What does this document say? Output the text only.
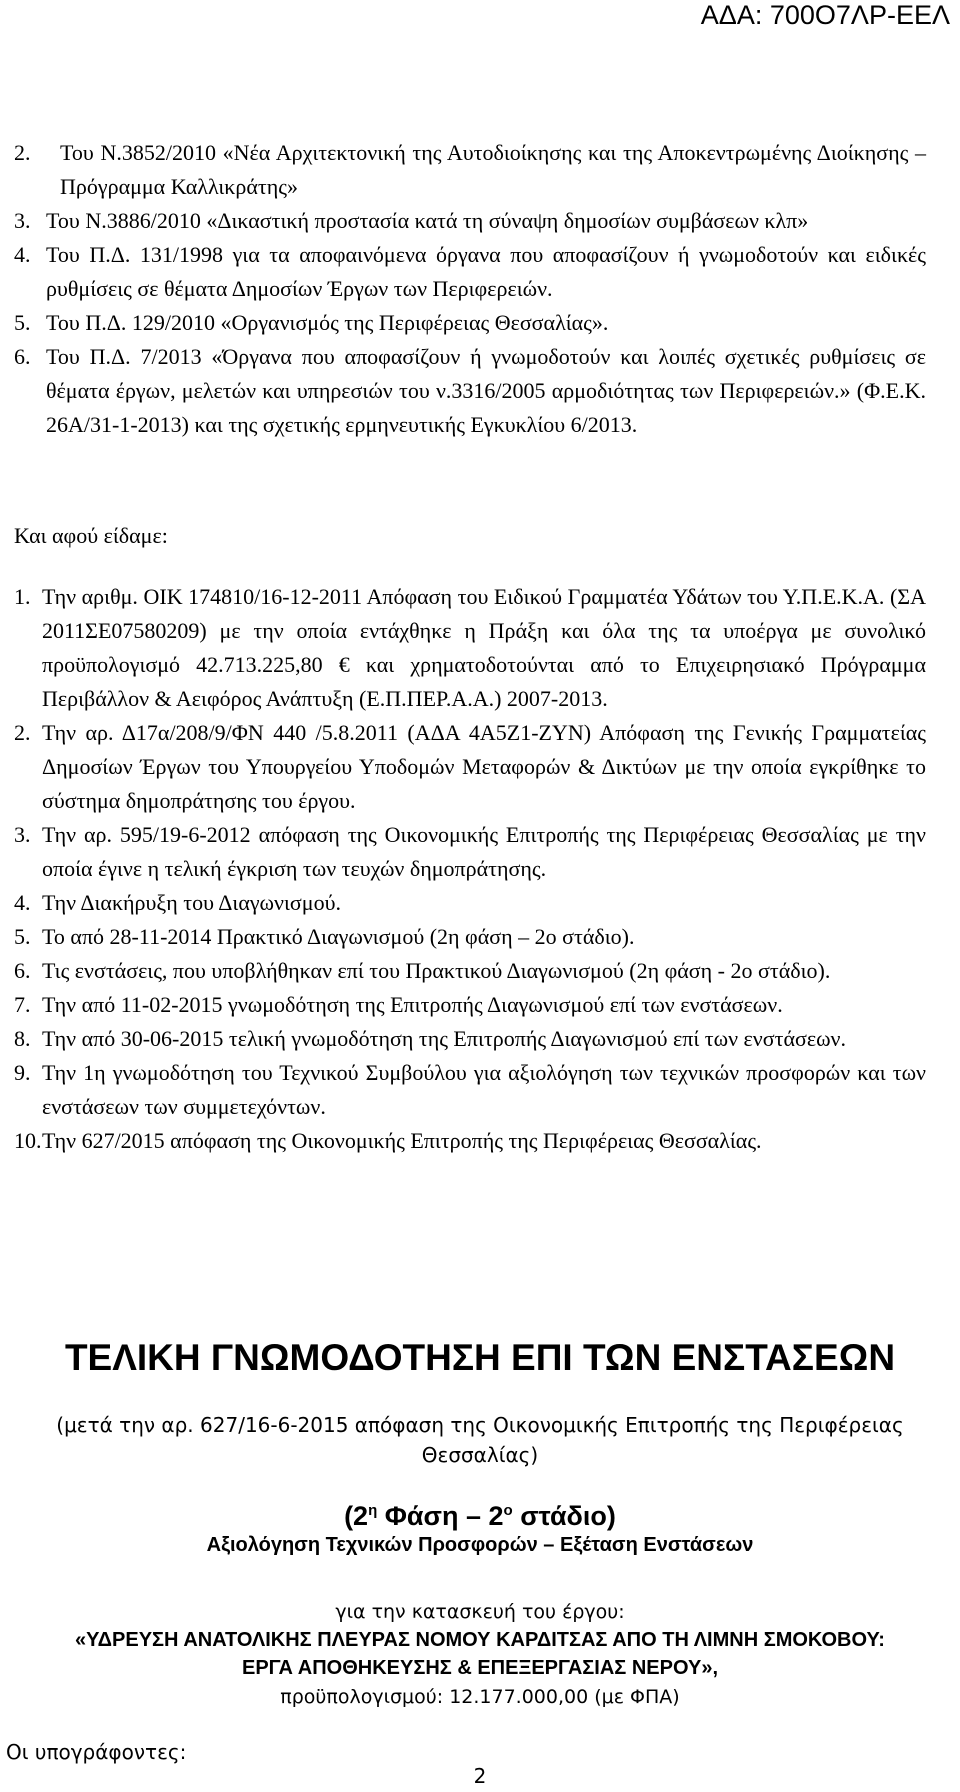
ΑΔΑ: 700Ο7ΛΡ-ΕΕΛ
2.	Του Ν.3852/2010 «Νέα Αρχιτεκτονική της Αυτοδιοίκησης και της Αποκεντρωμένης Διοίκησης – Πρόγραμμα Καλλικράτης»
3. Του Ν.3886/2010 «Δικαστική προστασία κατά τη σύναψη δημοσίων συμβάσεων κλπ»
4. Του Π.Δ. 131/1998 για τα αποφαινόμενα όργανα που αποφασίζουν ή γνωμοδοτούν και ειδικές ρυθμίσεις σε θέματα Δημοσίων Έργων των Περιφερειών.
5. Του Π.Δ. 129/2010 «Οργανισμός της Περιφέρειας Θεσσαλίας».
6. Του Π.Δ. 7/2013 «Όργανα που αποφασίζουν ή γνωμοδοτούν και λοιπές σχετικές ρυθμίσεις σε θέματα έργων, μελετών και υπηρεσιών του ν.3316/2005 αρμοδιότητας των Περιφερειών.» (Φ.Ε.Κ. 26Α/31-1-2013) και της σχετικής ερμηνευτικής Εγκυκλίου 6/2013.
Και αφού είδαμε:
1. Την αριθμ. ΟΙΚ 174810/16-12-2011 Απόφαση του Ειδικού Γραμματέα Υδάτων του Υ.Π.Ε.Κ.Α. (ΣΑ 2011ΣΕ07580209) με την οποία εντάχθηκε η Πράξη και όλα της τα υποέργα με συνολικό προϋπολογισμό 42.713.225,80 € και χρηματοδοτούνται από το Επιχειρησιακό Πρόγραμμα Περιβάλλον & Αειφόρος Ανάπτυξη (Ε.Π.ΠΕΡ.Α.Α.) 2007-2013.
2. Την αρ. Δ17α/208/9/ΦΝ 440 /5.8.2011 (ΑΔΑ 4Α5Ζ1-ΖΥΝ) Απόφαση της Γενικής Γραμματείας Δημοσίων Έργων του Υπουργείου Υποδομών Μεταφορών & Δικτύων με την οποία εγκρίθηκε το σύστημα δημοπράτησης του έργου.
3. Την αρ. 595/19-6-2012 απόφαση της Οικονομικής Επιτροπής της Περιφέρειας Θεσσαλίας με την οποία έγινε η τελική έγκριση των τευχών δημοπράτησης.
4. Την Διακήρυξη του Διαγωνισμού.
5. Το από 28-11-2014 Πρακτικό Διαγωνισμού (2η φάση – 2ο στάδιο).
6. Τις ενστάσεις, που υποβλήθηκαν επί του Πρακτικού Διαγωνισμού (2η φάση - 2ο στάδιο).
7. Την από 11-02-2015 γνωμοδότηση της Επιτροπής Διαγωνισμού επί των ενστάσεων.
8. Την από 30-06-2015 τελική γνωμοδότηση της Επιτροπής Διαγωνισμού επί των ενστάσεων.
9. Την 1η γνωμοδότηση του Τεχνικού Συμβούλου για αξιολόγηση των τεχνικών προσφορών και των ενστάσεων των συμμετεχόντων.
10. Την 627/2015 απόφαση της Οικονομικής Επιτροπής της Περιφέρειας Θεσσαλίας.
ΤΕΛΙΚΗ ΓΝΩΜΟΔΟΤΗΣΗ ΕΠΙ ΤΩΝ ΕΝΣΤΑΣΕΩΝ
(μετά την αρ. 627/16-6-2015 απόφαση της Οικονομικής Επιτροπής της Περιφέρειας
Θεσσαλίας)
($2^\eta$ Φάση – $2^o$ στάδιο)
Αξιολόγηση Τεχνικών Προσφορών – Εξέταση Ενστάσεων
για την κατασκευή του έργου:
«ΥΔΡΕΥΣΗ ΑΝΑΤΟΛΙΚΗΣ ΠΛΕΥΡΑΣ ΝΟΜΟΥ ΚΑΡΔΙΤΣΑΣ ΑΠΟ ΤΗ ΛΙΜΝΗ ΣΜΟΚΟΒΟΥ:
ΕΡΓΑ ΑΠΟΘΗΚΕΥΣΗΣ & ΕΠΕΞΕΡΓΑΣΙΑΣ ΝΕΡΟΥ»,
προϋπολογισμού: 12.177.000,00 (με ΦΠΑ)
Οι υπογράφοντες:
2
